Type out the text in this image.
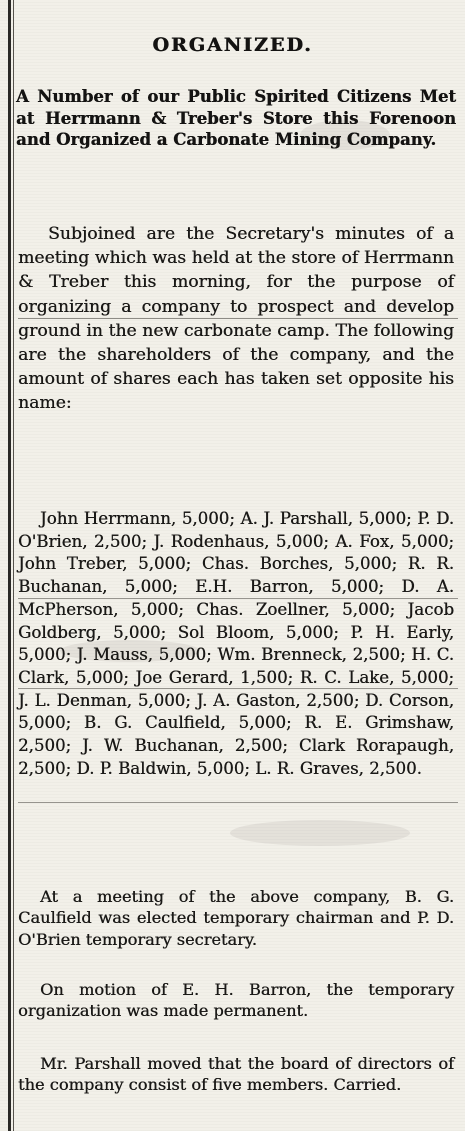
ORGANIZED.
A Number of our Public Spirited Citizens Met at Herrmann & Treber's Store this Forenoon and Organized a Carbonate Mining Company.
Subjoined are the Secretary's minutes of a meeting which was held at the store of Herrmann & Treber this morning, for the purpose of organizing a company to prospect and develop ground in the new carbonate camp. The following are the shareholders of the company, and the amount of shares each has taken set opposite his name:
John Herrmann, 5,000; A. J. Parshall, 5,000; P. D. O'Brien, 2,500; J. Rodenhaus, 5,000; A. Fox, 5,000; John Treber, 5,000; Chas. Borches, 5,000; R. R. Buchanan, 5,000; E.H. Barron, 5,000; D. A. McPherson, 5,000; Chas. Zoellner, 5,000; Jacob Goldberg, 5,000; Sol Bloom, 5,000; P. H. Early, 5,000; J. Mauss, 5,000; Wm. Brenneck, 2,500; H. C. Clark, 5,000; Joe Gerard, 1,500; R. C. Lake, 5,000; J. L. Denman, 5,000; J. A. Gaston, 2,500; D. Corson, 5,000; B. G. Caulfield, 5,000; R. E. Grimshaw, 2,500; J. W. Buchanan, 2,500; Clark Rorapaugh, 2,500; D. P. Baldwin, 5,000; L. R. Graves, 2,500.
At a meeting of the above company, B. G. Caulfield was elected temporary chairman and P. D. O'Brien temporary secretary.
On motion of E. H. Barron, the temporary organization was made permanent.
Mr. Parshall moved that the board of directors of the company consist of five members. Carried.
